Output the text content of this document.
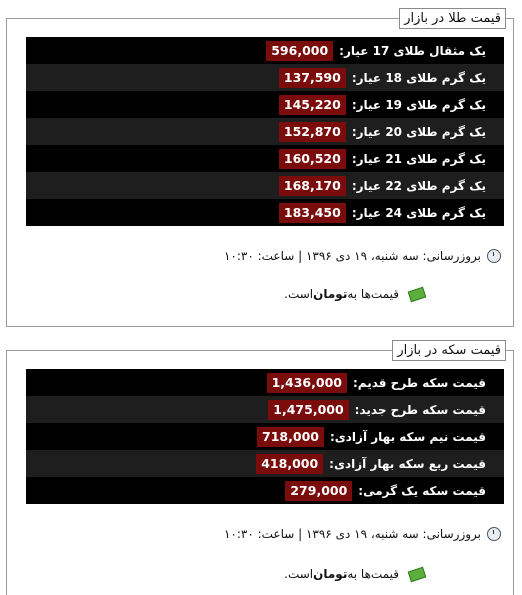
قیمت طلا در بازار
یک مثقال طلای 17 عیار:
596,000
یک گرم طلای 18 عیار:
137,590
یک گرم طلای 19 عیار:
145,220
یک گرم طلای 20 عیار:
152,870
یک گرم طلای 21 عیار:
160,520
یک گرم طلای 22 عیار:
168,170
یک گرم طلای 24 عیار:
183,450
بروزرسانی: سه شنبه، ۱۹ دی ۱۳۹۶ | ساعت: ۱۰:۳۰
قیمت‌ها به
تومان
است.
قیمت سکه در بازار
قیمت سکه طرح قدیم:
1,436,000
قیمت سکه طرح جدید:
1,475,000
قیمت نیم سکه بهار آزادی:
718,000
قیمت ربع سکه بهار آزادی:
418,000
قیمت سکه یک گرمی:
279,000
بروزرسانی: سه شنبه، ۱۹ دی ۱۳۹۶ | ساعت: ۱۰:۳۰
قیمت‌ها به
تومان
است.
